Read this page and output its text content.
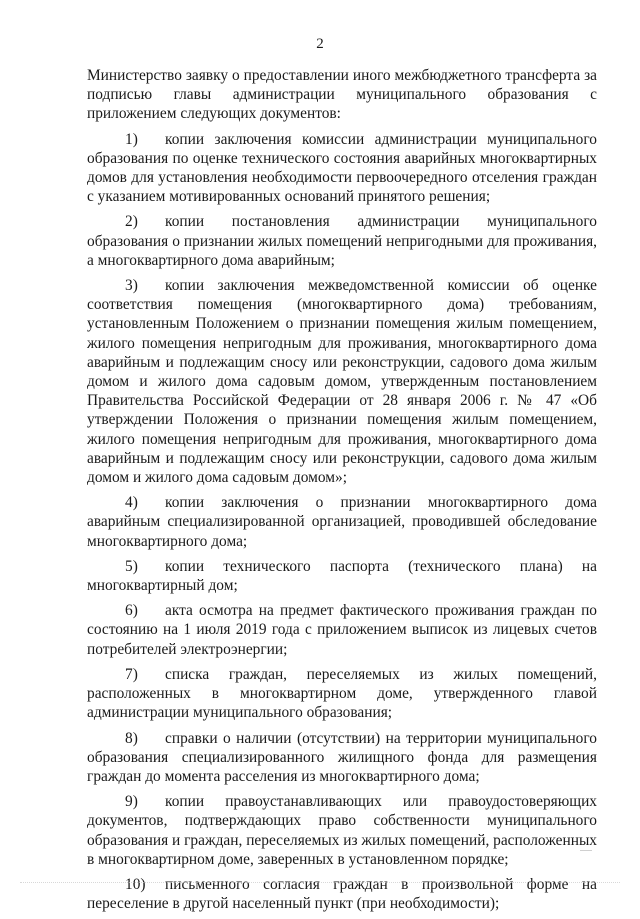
2

Министерство заявку о предоставлении иного межбюджетного трансферта за подписью главы администрации муниципального образования с приложением следующих документов:

1) копии заключения комиссии администрации муниципального образования по оценке технического состояния аварийных многоквартирных домов для установления необходимости первоочередного отселения граждан с указанием мотивированных оснований принятого решения;

2) копии постановления администрации муниципального образования о признании жилых помещений непригодными для проживания, а многоквартирного дома аварийным;

3) копии заключения межведомственной комиссии об оценке соответствия помещения (многоквартирного дома) требованиям, установленным Положением о признании помещения жилым помещением, жилого помещения непригодным для проживания, многоквартирного дома аварийным и подлежащим сносу или реконструкции, садового дома жилым домом и жилого дома садовым домом, утвержденным постановлением Правительства Российской Федерации от 28 января 2006 г. № 47 «Об утверждении Положения о признании помещения жилым помещением, жилого помещения непригодным для проживания, многоквартирного дома аварийным и подлежащим сносу или реконструкции, садового дома жилым домом и жилого дома садовым домом»;

4) копии заключения о признании многоквартирного дома аварийным специализированной организацией, проводившей обследование многоквартирного дома;

5) копии технического паспорта (технического плана) на многоквартирный дом;

6) акта осмотра на предмет фактического проживания граждан по состоянию на 1 июля 2019 года с приложением выписок из лицевых счетов потребителей электроэнергии;

7) списка граждан, переселяемых из жилых помещений, расположенных в многоквартирном доме, утвержденного главой администрации муниципального образования;

8) справки о наличии (отсутствии) на территории муниципального образования специализированного жилищного фонда для размещения граждан до момента расселения из многоквартирного дома;

9) копии правоустанавливающих или правоудостоверяющих документов, подтверждающих право собственности муниципального образования и граждан, переселяемых из жилых помещений, расположенных в многоквартирном доме, заверенных в установленном порядке;

10) письменного согласия граждан в произвольной форме на переселение в другой населенный пункт (при необходимости);
